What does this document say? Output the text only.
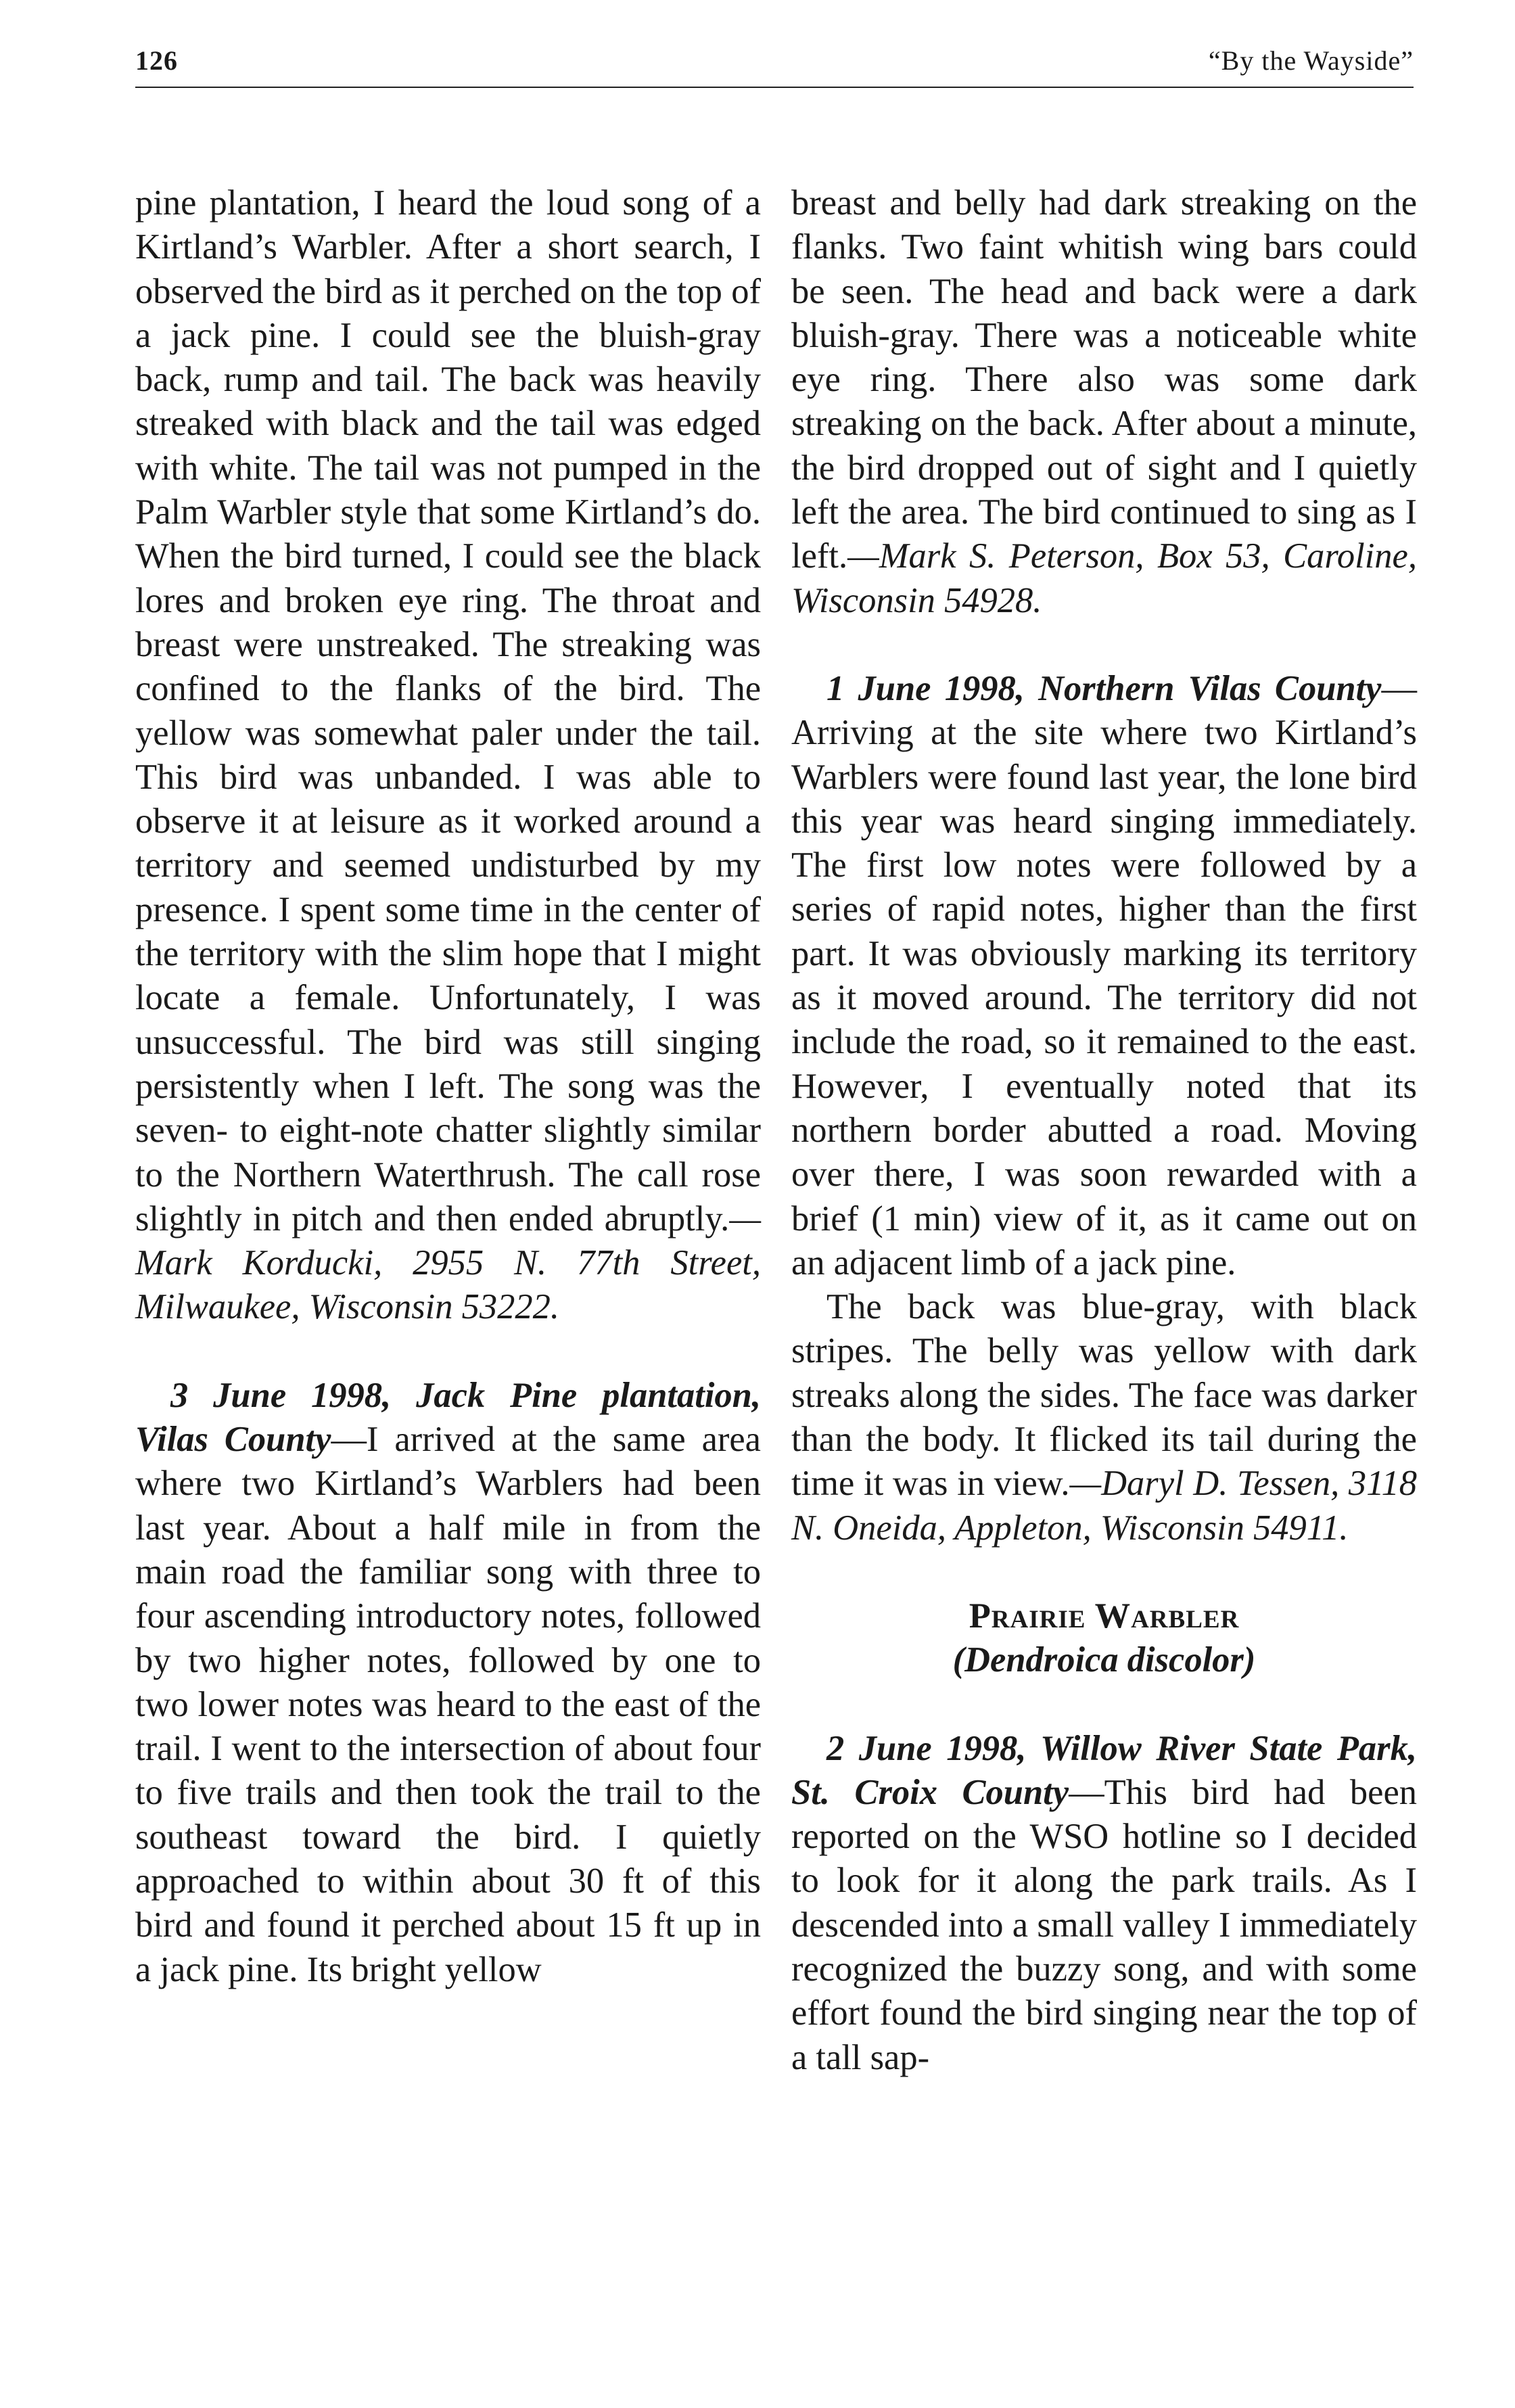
126	“By the Wayside”

pine plantation, I heard the loud song of a Kirtland’s Warbler. After a short search, I observed the bird as it perched on the top of a jack pine. I could see the bluish-gray back, rump and tail. The back was heavily streaked with black and the tail was edged with white. The tail was not pumped in the Palm Warbler style that some Kirtland’s do. When the bird turned, I could see the black lores and broken eye ring. The throat and breast were unstreaked. The streaking was confined to the flanks of the bird. The yellow was somewhat paler under the tail. This bird was unbanded. I was able to observe it at leisure as it worked around a territory and seemed undisturbed by my presence. I spent some time in the center of the territory with the slim hope that I might locate a female. Unfortunately, I was unsuccessful. The bird was still singing persistently when I left. The song was the seven- to eight-note chatter slightly similar to the Northern Waterthrush. The call rose slightly in pitch and then ended abruptly.—Mark Korducki, 2955 N. 77th Street, Milwaukee, Wisconsin 53222.

3 June 1998, Jack Pine plantation, Vilas County—I arrived at the same area where two Kirtland’s Warblers had been last year. About a half mile in from the main road the familiar song with three to four ascending introductory notes, followed by two higher notes, followed by one to two lower notes was heard to the east of the trail. I went to the intersection of about four to five trails and then took the trail to the southeast toward the bird. I quietly approached to within about 30 ft of this bird and found it perched about 15 ft up in a jack pine. Its bright yellow

breast and belly had dark streaking on the flanks. Two faint whitish wing bars could be seen. The head and back were a dark bluish-gray. There was a noticeable white eye ring. There also was some dark streaking on the back. After about a minute, the bird dropped out of sight and I quietly left the area. The bird continued to sing as I left.—Mark S. Peterson, Box 53, Caroline, Wisconsin 54928.

1 June 1998, Northern Vilas County—Arriving at the site where two Kirtland’s Warblers were found last year, the lone bird this year was heard singing immediately. The first low notes were followed by a series of rapid notes, higher than the first part. It was obviously marking its territory as it moved around. The territory did not include the road, so it remained to the east. However, I eventually noted that its northern border abutted a road. Moving over there, I was soon rewarded with a brief (1 min) view of it, as it came out on an adjacent limb of a jack pine.

The back was blue-gray, with black stripes. The belly was yellow with dark streaks along the sides. The face was darker than the body. It flicked its tail during the time it was in view.—Daryl D. Tessen, 3118 N. Oneida, Appleton, Wisconsin 54911.

Prairie Warbler
(Dendroica discolor)

2 June 1998, Willow River State Park, St. Croix County—This bird had been reported on the WSO hotline so I decided to look for it along the park trails. As I descended into a small valley I immediately recognized the buzzy song, and with some effort found the bird singing near the top of a tall sap-
